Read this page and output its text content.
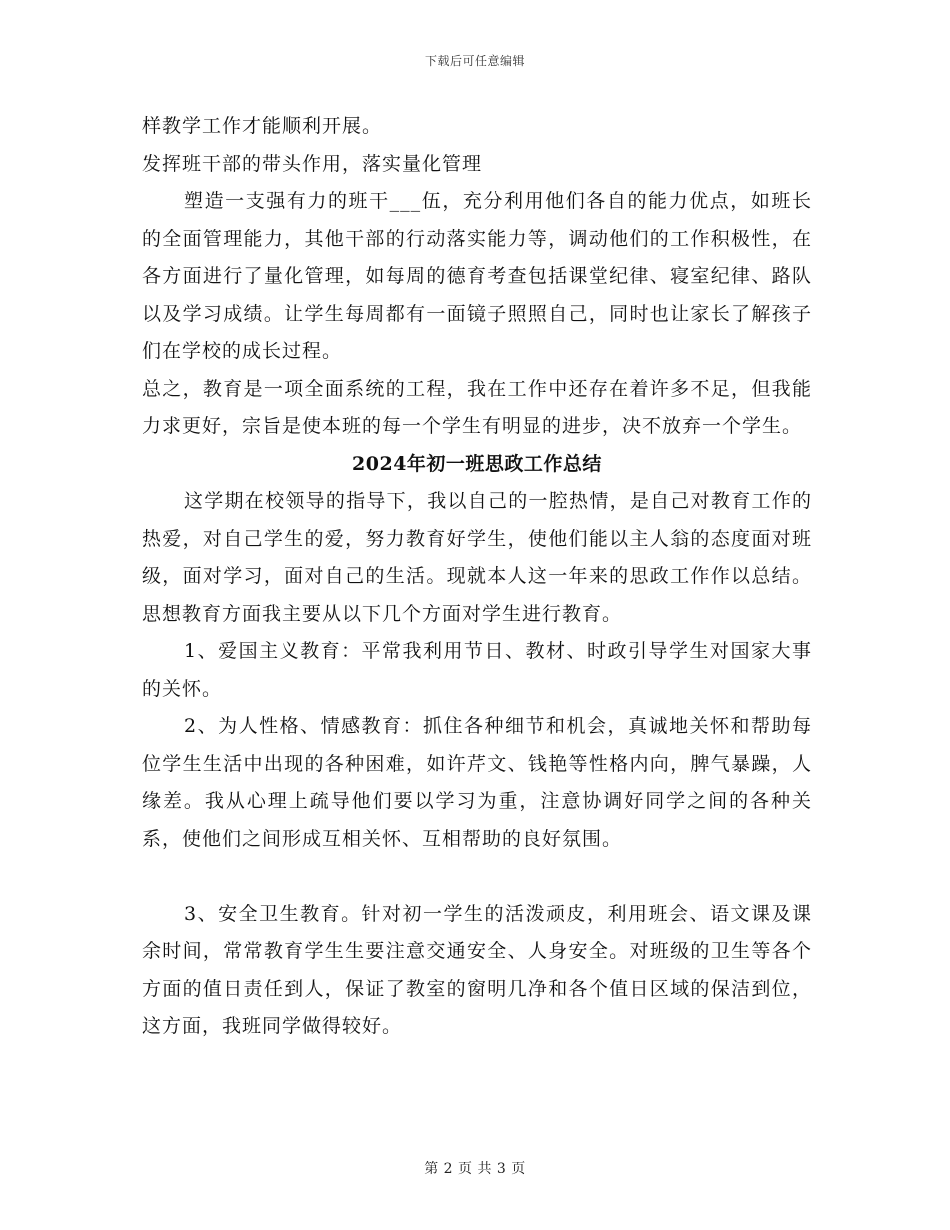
下载后可任意编辑

样教学工作才能顺利开展。

发挥班干部的带头作用，落实量化管理

塑造一支强有力的班干___伍，充分利用他们各自的能力优点，如班长的全面管理能力，其他干部的行动落实能力等，调动他们的工作积极性，在各方面进行了量化管理，如每周的德育考查包括课堂纪律、寝室纪律、路队以及学习成绩。让学生每周都有一面镜子照照自己，同时也让家长了解孩子们在学校的成长过程。

总之，教育是一项全面系统的工程，我在工作中还存在着许多不足，但我能力求更好，宗旨是使本班的每一个学生有明显的进步，决不放弃一个学生。

2024年初一班思政工作总结

这学期在校领导的指导下，我以自己的一腔热情，是自己对教育工作的热爱，对自己学生的爱，努力教育好学生，使他们能以主人翁的态度面对班级，面对学习，面对自己的生活。现就本人这一年来的思政工作作以总结。思想教育方面我主要从以下几个方面对学生进行教育。

1、爱国主义教育：平常我利用节日、教材、时政引导学生对国家大事的关怀。

2、为人性格、情感教育：抓住各种细节和机会，真诚地关怀和帮助每位学生生活中出现的各种困难，如许芹文、钱艳等性格内向，脾气暴躁，人缘差。我从心理上疏导他们要以学习为重，注意协调好同学之间的各种关系，使他们之间形成互相关怀、互相帮助的良好氛围。

3、安全卫生教育。针对初一学生的活泼顽皮，利用班会、语文课及课余时间，常常教育学生生要注意交通安全、人身安全。对班级的卫生等各个方面的值日责任到人，保证了教室的窗明几净和各个值日区域的保洁到位，这方面，我班同学做得较好。

第 2 页 共 3 页
